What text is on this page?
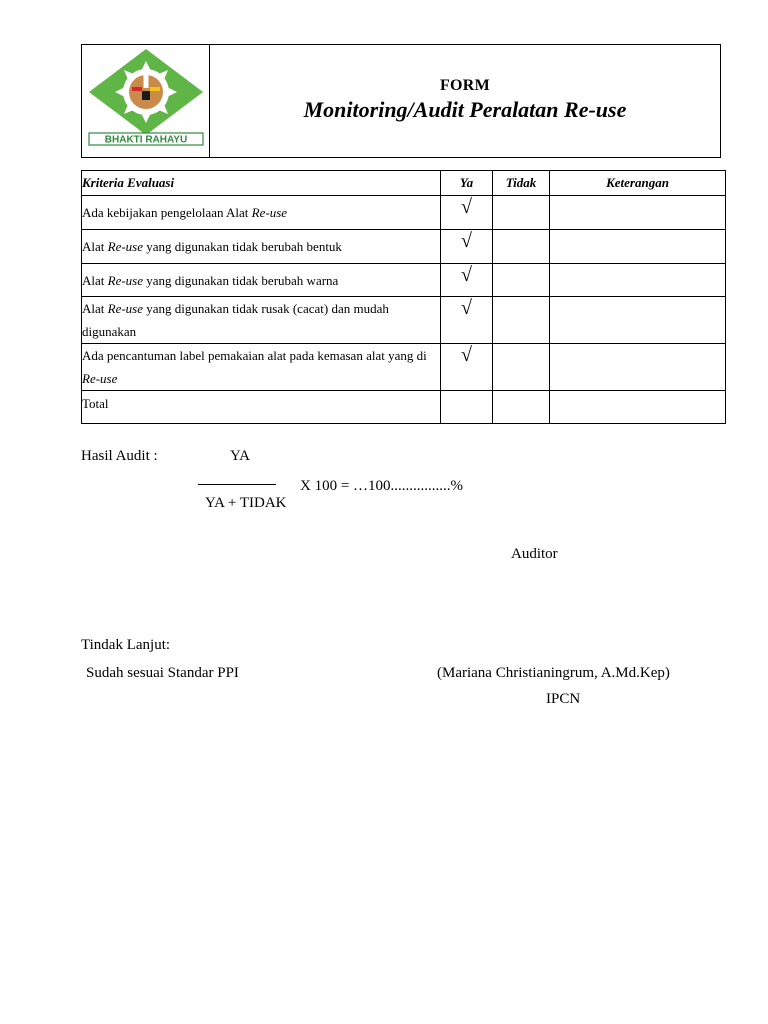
BHAKTI RAHAYU
FORM
Monitoring/Audit Peralatan Re-use
Kriteria Evaluasi	Ya	Tidak	Keterangan
Ada kebijakan pengelolaan Alat Re-use	√		
Alat Re-use yang digunakan tidak berubah bentuk	√		
Alat Re-use yang digunakan tidak berubah warna	√		
Alat Re-use yang digunakan tidak rusak (cacat) dan mudah digunakan	√		
Ada pencantuman label pemakaian alat pada kemasan alat yang di Re-use	√		
Total			
Hasil Audit :	YA
X 100 = …100................%
YA + TIDAK
Auditor
Tindak Lanjut:
Sudah sesuai Standar PPI	(Mariana Christianingrum, A.Md.Kep)
IPCN
